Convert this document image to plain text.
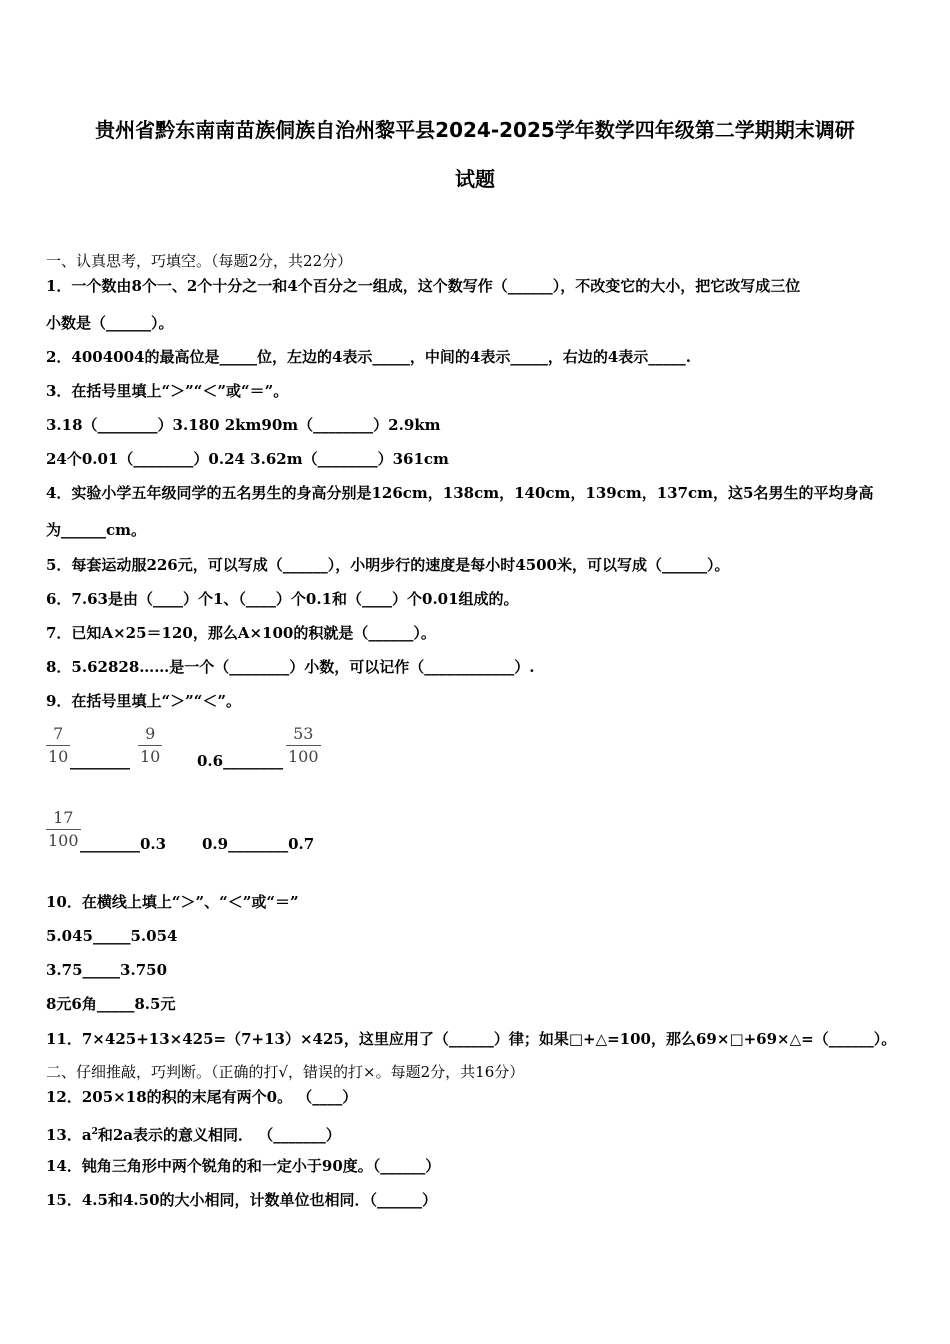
贵州省黔东南南苗族侗族自治州黎平县2024-2025学年数学四年级第二学期期末调研
试题
一、认真思考，巧填空。（每题2分，共22分）
1．一个数由8个一、2个十分之一和4个百分之一组成，这个数写作（______），不改变它的大小，把它改写成三位
小数是（______）。
2．4004004的最高位是_____位，左边的4表示_____，中间的4表示_____，右边的4表示_____.
3．在括号里填上“＞”“＜”或“＝”。
3.18（________）3.180 2km90m（________）2.9km
24个0.01（________）0.24 3.62m（________）361cm
4．实验小学五年级同学的五名男生的身高分别是126cm，138cm，140cm，139cm，137cm，这5名男生的平均身高
为______cm。
5．每套运动服226元，可以写成（______），小明步行的速度是每小时4500米，可以写成（______）。
6．7.63是由（____）个1、（____）个0.1和（____）个0.01组成的。
7．已知A×25＝120，那么A×100的积就是（______）。
8．5.62828……是一个（________）小数，可以记作（____________）.
9．在括号里填上“＞”“＜”。
7
10 ________
9
10 0.6________
53
100
17
100 ________0.3 0.9________0.7
10．在横线上填上“＞”、“＜”或“＝”
5.045_____5.054
3.75_____3.750
8元6角_____8.5元
11．7×425+13×425=（7+13）×425，这里应用了（______）律；如果□+△=100，那么69×□+69×△=（______）。
二、仔细推敲，巧判断。（正确的打√，错误的打×。每题2分，共16分）
12．205×18的积的末尾有两个0。 （____）
13．$a^2$和2a表示的意义相同． （_______）
14．钝角三角形中两个锐角的和一定小于90度。（______）
15．4.5和4.50的大小相同，计数单位也相同．（______）
